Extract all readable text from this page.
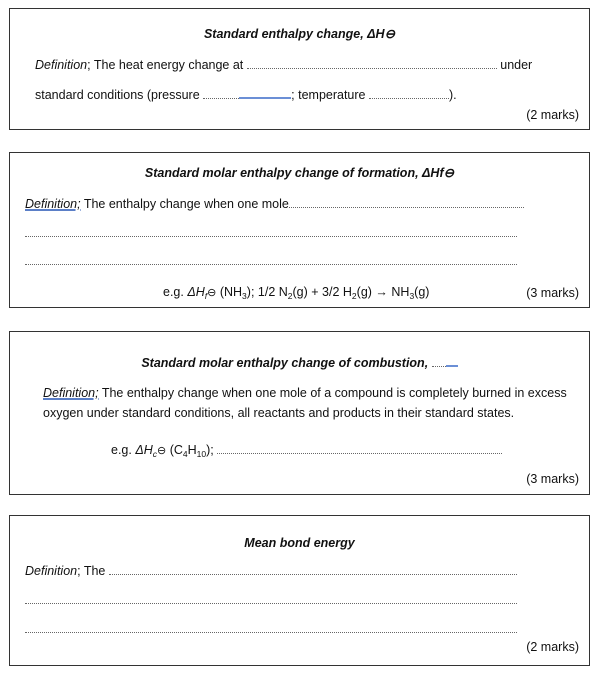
Standard enthalpy change, ΔH⊖
Definition; The heat energy change at	under
standard conditions (pressure	; temperature	).
(2 marks)
Standard molar enthalpy change of formation, ΔHf⊖
Definition; The enthalpy change when one mole
e.g. $\Delta H_f⊖$ $(NH_3)$; 1/2 $N_2(g) + 3/2$ $H_2(g) \to NH_3(g)$	(3 marks)
Standard molar enthalpy change of combustion,
Definition; The enthalpy change when one mole of a compound is completely burned in excess
oxygen under standard conditions, all reactants and products in their standard states.
e.g. $\Delta H_c⊖$ $(C_4H_{10})$;
(3 marks)
Mean bond energy
Definition; The
(2 marks)
